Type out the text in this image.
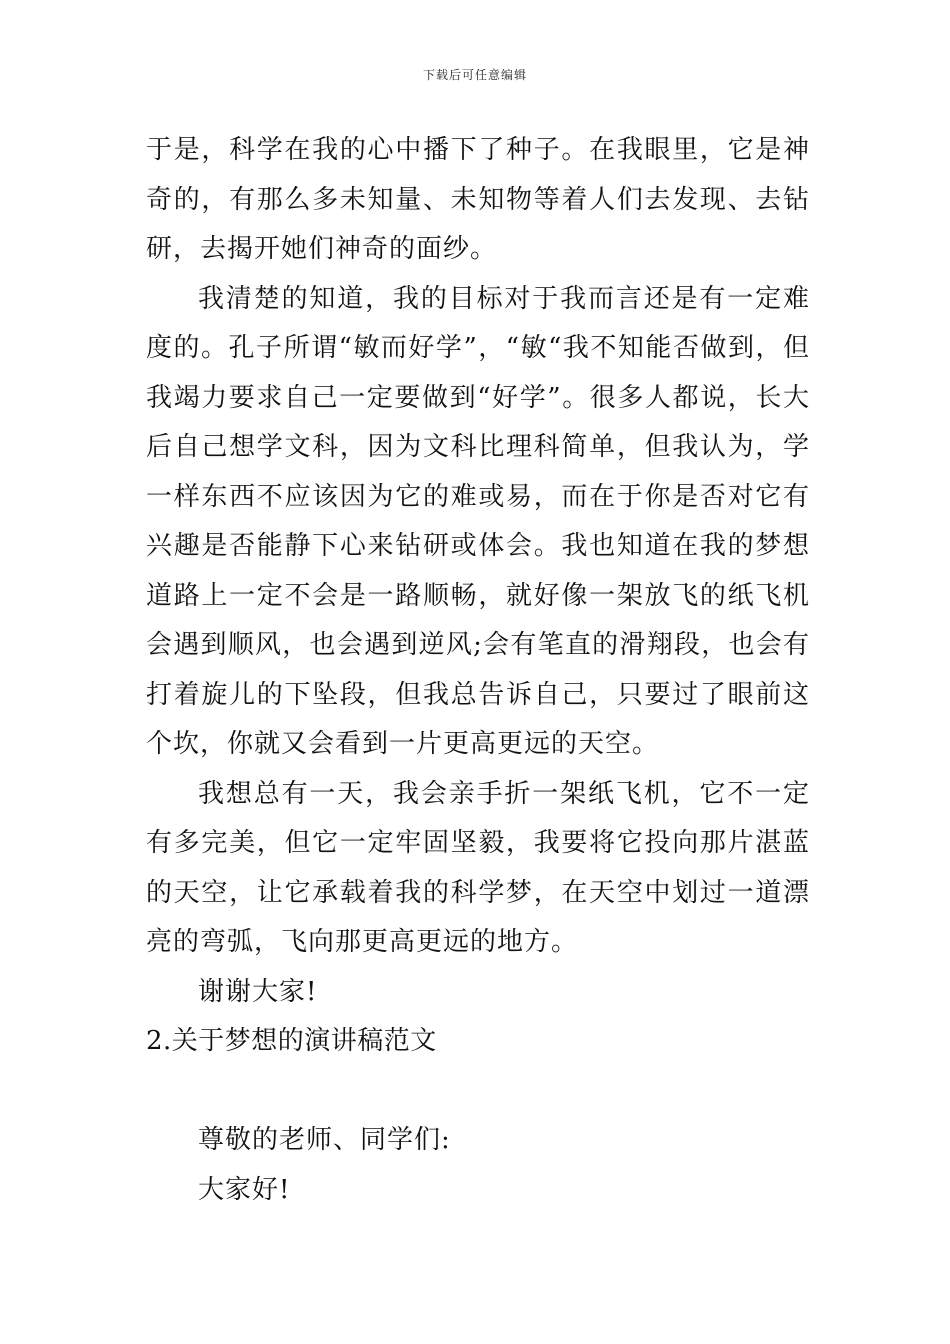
下载后可任意编辑

于是，科学在我的心中播下了种子。在我眼里，它是神奇的，有那么多未知量、未知物等着人们去发现、去钻研，去揭开她们神奇的面纱。

我清楚的知道，我的目标对于我而言还是有一定难度的。孔子所谓“敏而好学”，“敏“我不知能否做到，但我竭力要求自己一定要做到“好学”。很多人都说，长大后自己想学文科，因为文科比理科简单，但我认为，学一样东西不应该因为它的难或易，而在于你是否对它有兴趣是否能静下心来钻研或体会。我也知道在我的梦想道路上一定不会是一路顺畅，就好像一架放飞的纸飞机会遇到顺风，也会遇到逆风;会有笔直的滑翔段，也会有打着旋儿的下坠段，但我总告诉自己，只要过了眼前这个坎，你就又会看到一片更高更远的天空。

我想总有一天，我会亲手折一架纸飞机，它不一定有多完美，但它一定牢固坚毅，我要将它投向那片湛蓝的天空，让它承载着我的科学梦，在天空中划过一道漂亮的弯弧，飞向那更高更远的地方。

谢谢大家!

2.关于梦想的演讲稿范文

尊敬的老师、同学们:

大家好!
